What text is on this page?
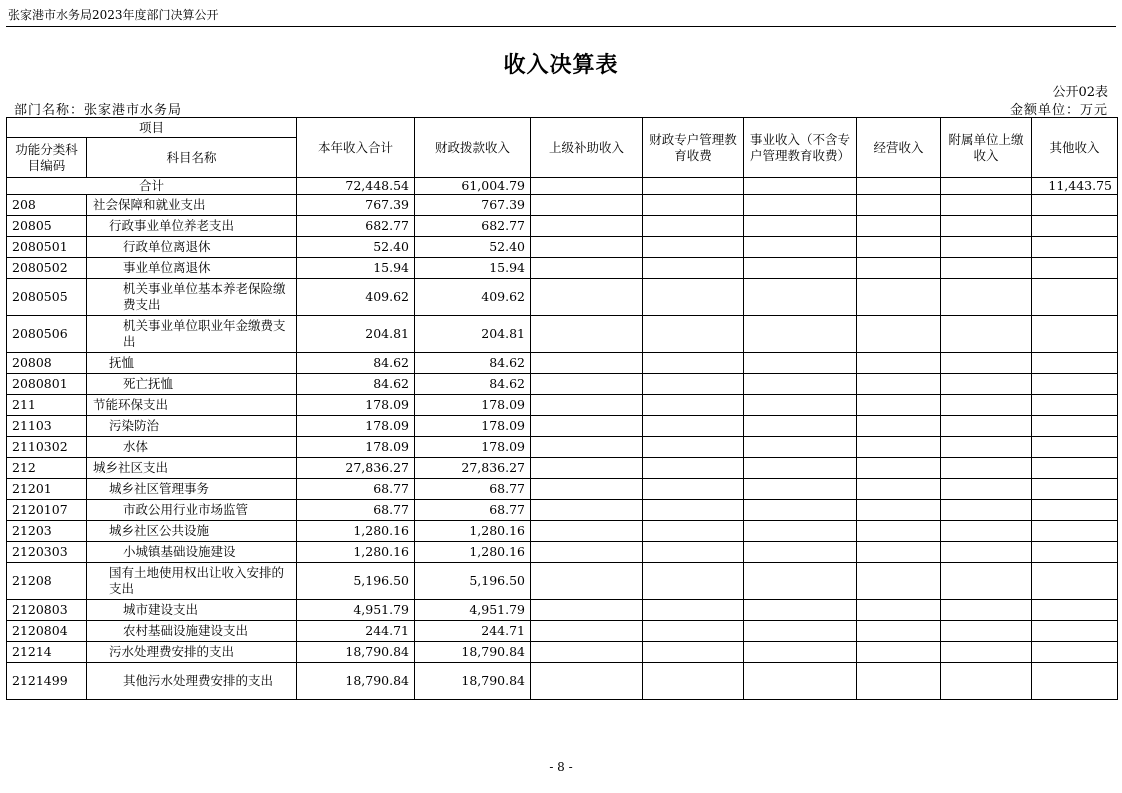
张家港市水务局2023年度部门决算公开
收入决算表
公开02表
部门名称：张家港市水务局	金额单位：万元
项目		本年收入合计	财政拨款收入	上级补助收入	财政专户管理教育收费	事业收入（不含专户管理教育收费）	经营收入	附属单位上缴收入	其他收入
功能分类科目编码	科目名称								
合计		72,448.54	61,004.79						11,443.75
208	社会保障和就业支出	767.39	767.39						
20805	行政事业单位养老支出	682.77	682.77						
2080501	行政单位离退休	52.40	52.40						
2080502	事业单位离退休	15.94	15.94						
2080505	机关事业单位基本养老保险缴费支出	409.62	409.62						
2080506	机关事业单位职业年金缴费支出	204.81	204.81						
20808	抚恤	84.62	84.62						
2080801	死亡抚恤	84.62	84.62						
211	节能环保支出	178.09	178.09						
21103	污染防治	178.09	178.09						
2110302	水体	178.09	178.09						
212	城乡社区支出	27,836.27	27,836.27						
21201	城乡社区管理事务	68.77	68.77						
2120107	市政公用行业市场监管	68.77	68.77						
21203	城乡社区公共设施	1,280.16	1,280.16						
2120303	小城镇基础设施建设	1,280.16	1,280.16						
21208	国有土地使用权出让收入安排的支出	5,196.50	5,196.50						
2120803	城市建设支出	4,951.79	4,951.79						
2120804	农村基础设施建设支出	244.71	244.71						
21214	污水处理费安排的支出	18,790.84	18,790.84						
2121499	其他污水处理费安排的支出	18,790.84	18,790.84						
- 8 -
